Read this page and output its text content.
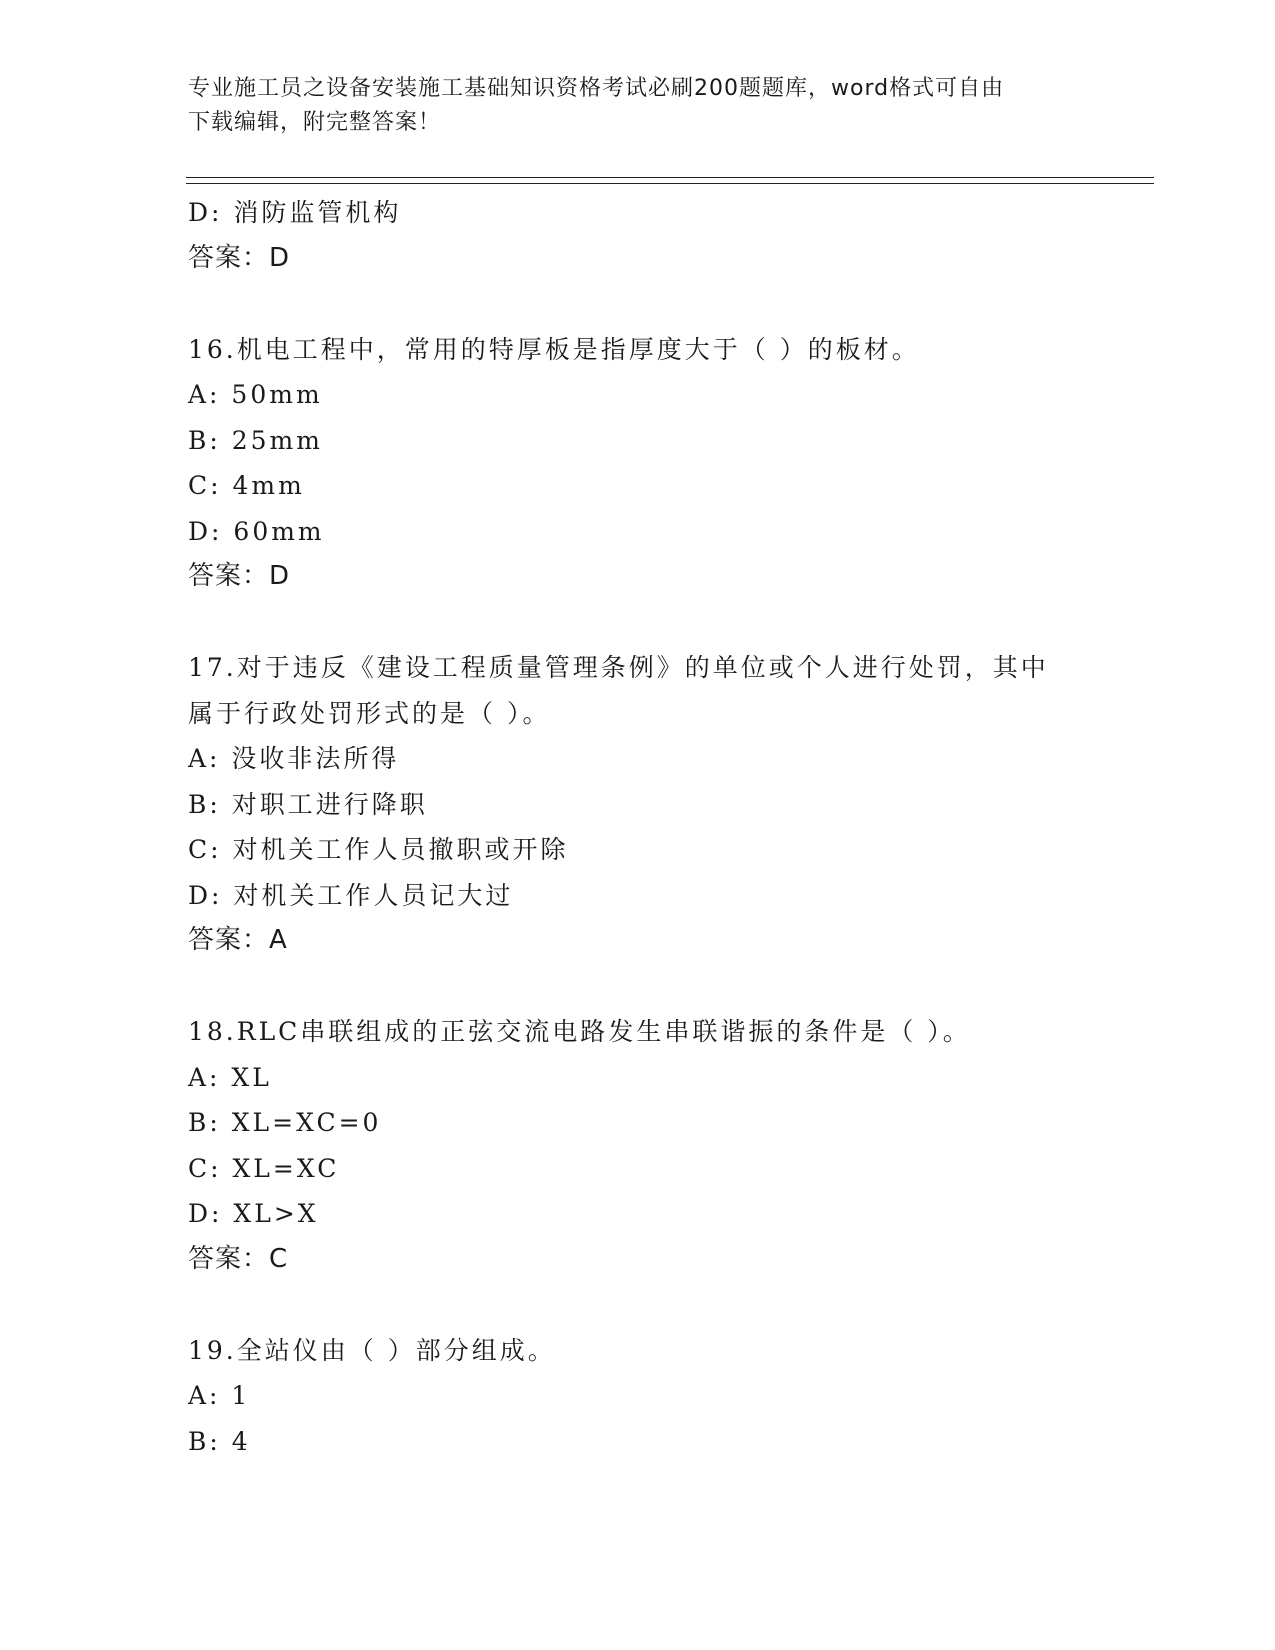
专业施工员之设备安装施工基础知识资格考试必刷200题题库，word格式可自由
下载编辑，附完整答案！
D: 消防监管机构
答案：D
16.机电工程中，常用的特厚板是指厚度大于（ ）的板材。
A: 50mm
B: 25mm
C: 4mm
D: 60mm
答案：D
17.对于违反《建设工程质量管理条例》的单位或个人进行处罚，其中
属于行政处罚形式的是（ ）。
A: 没收非法所得
B: 对职工进行降职
C: 对机关工作人员撤职或开除
D: 对机关工作人员记大过
答案：A
18.RLC串联组成的正弦交流电路发生串联谐振的条件是（ ）。
A: XL
B: XL=XC=0
C: XL=XC
D: XL>X
答案：C
19.全站仪由（ ）部分组成。
A: 1
B: 4
